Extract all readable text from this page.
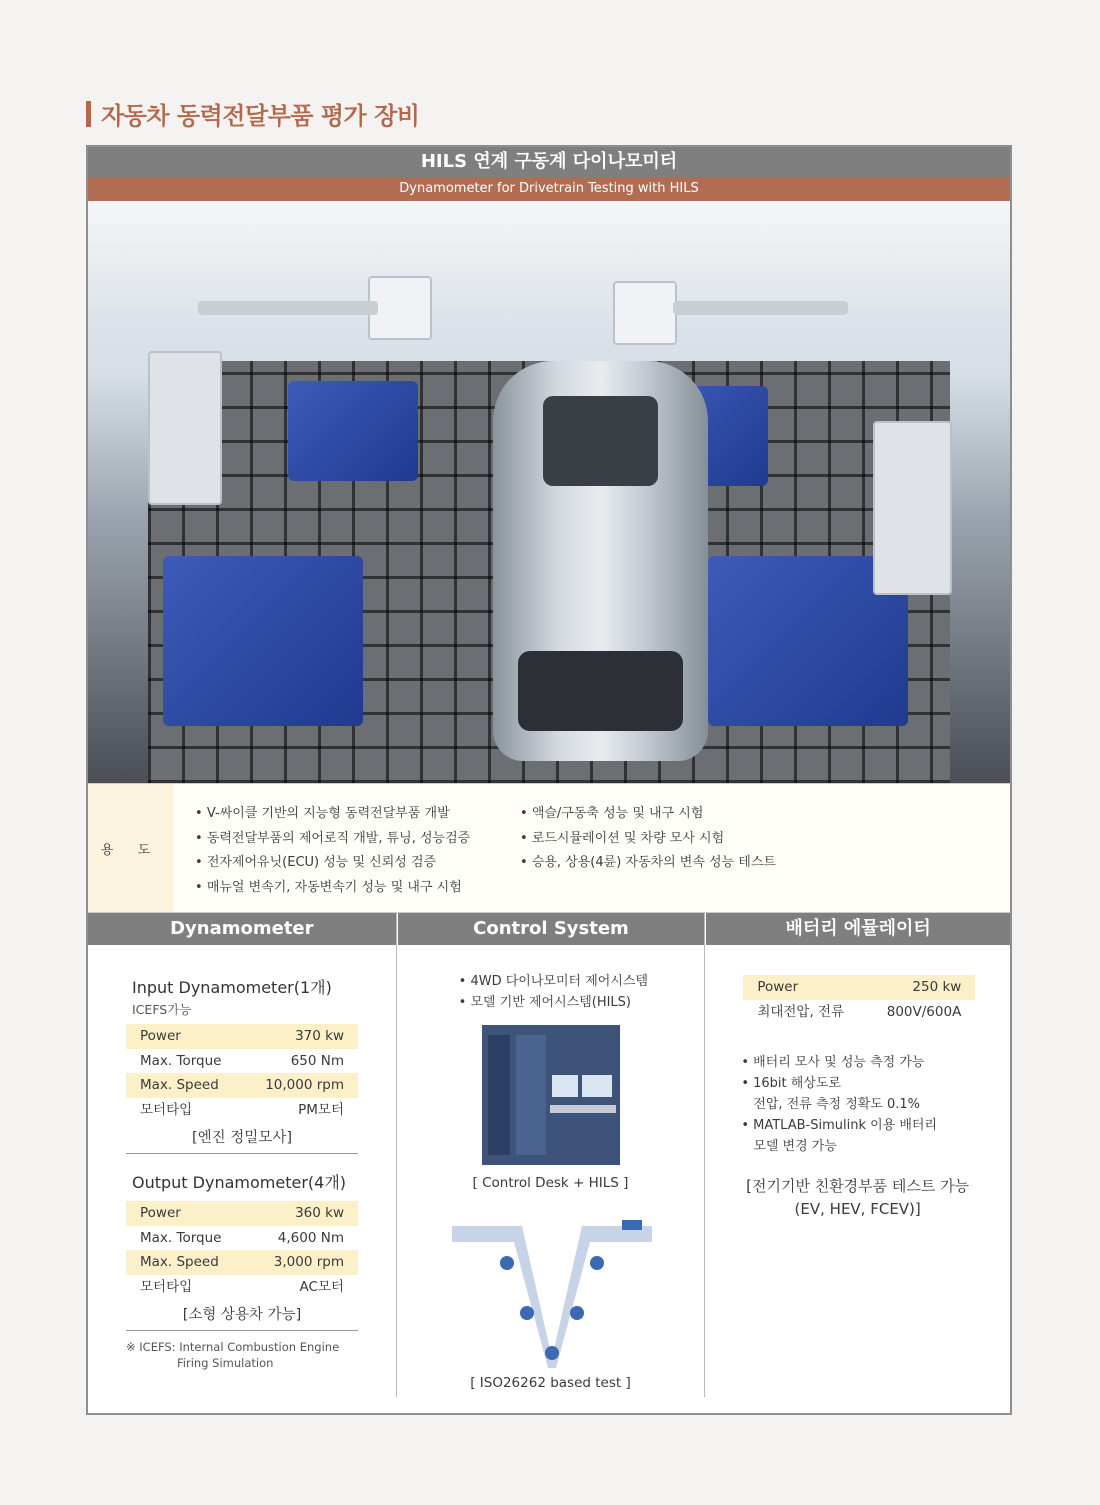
자동차 동력전달부품 평가 장비
HILS 연계 구동계 다이나모미터
Dynamometer for Drivetrain Testing with HILS
용 도
• V-싸이클 기반의 지능형 동력전달부품 개발
• 동력전달부품의 제어로직 개발, 튜닝, 성능검증
• 전자제어유닛(ECU) 성능 및 신뢰성 검증
• 매뉴얼 변속기, 자동변속기 성능 및 내구 시험
• 액슬/구동축 성능 및 내구 시험
• 로드시뮬레이션 및 차량 모사 시험
• 승용, 상용(4륜) 자동차의 변속 성능 테스트
Dynamometer
Input Dynamometer(1개)
ICEFS가능
Power	370 kw
Max. Torque	650 Nm
Max. Speed	10,000 rpm
모터타입	PM모터
[엔진 정밀모사]
Output Dynamometer(4개)
Power	360 kw
Max. Torque	4,600 Nm
Max. Speed	3,000 rpm
모터타입	AC모터
[소형 상용차 가능]
※ ICEFS: Internal Combustion Engine
Firing Simulation
Control System
• 4WD 다이나모미터 제어시스템
• 모델 기반 제어시스템(HILS)
[ Control Desk + HILS ]
[ ISO26262 based test ]
배터리 에뮬레이터
Power	250 kw
최대전압, 전류	800V/600A
• 배터리 모사 및 성능 측정 가능
• 16bit 해상도로
전압, 전류 측정 정확도 0.1%
• MATLAB-Simulink 이용 배터리
모델 변경 가능
[전기기반 친환경부품 테스트 가능
(EV, HEV, FCEV)]
